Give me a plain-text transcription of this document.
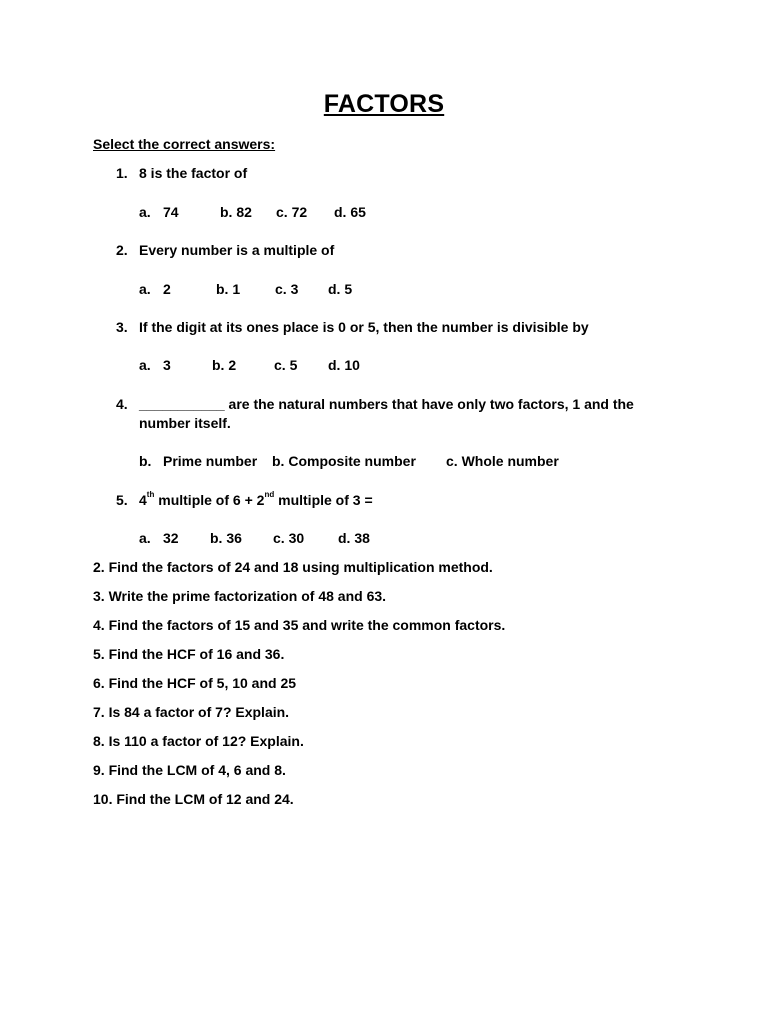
FACTORS
Select the correct answers:
1. 8 is the factor of
a. 74	b. 82 c. 72 d. 65
2. Every number is a multiple of
a. 2	b. 1 c. 3 d. 5
3. If the digit at its ones place is 0 or 5, then the number is divisible by
a. 3	b. 2	c. 5 d. 10
4. ___________ are the natural numbers that have only two factors, 1 and the
number itself.
b. Prime number b. Composite number c. Whole number
5. 4th multiple of 6 + 2nd multiple of 3 =
a. 32 b. 36 c. 30 d. 38
2. Find the factors of 24 and 18 using multiplication method.
3. Write the prime factorization of 48 and 63.
4. Find the factors of 15 and 35 and write the common factors.
5. Find the HCF of 16 and 36.
6. Find the HCF of 5, 10 and 25
7. Is 84 a factor of 7? Explain.
8. Is 110 a factor of 12? Explain.
9. Find the LCM of 4, 6 and 8.
10. Find the LCM of 12 and 24.
